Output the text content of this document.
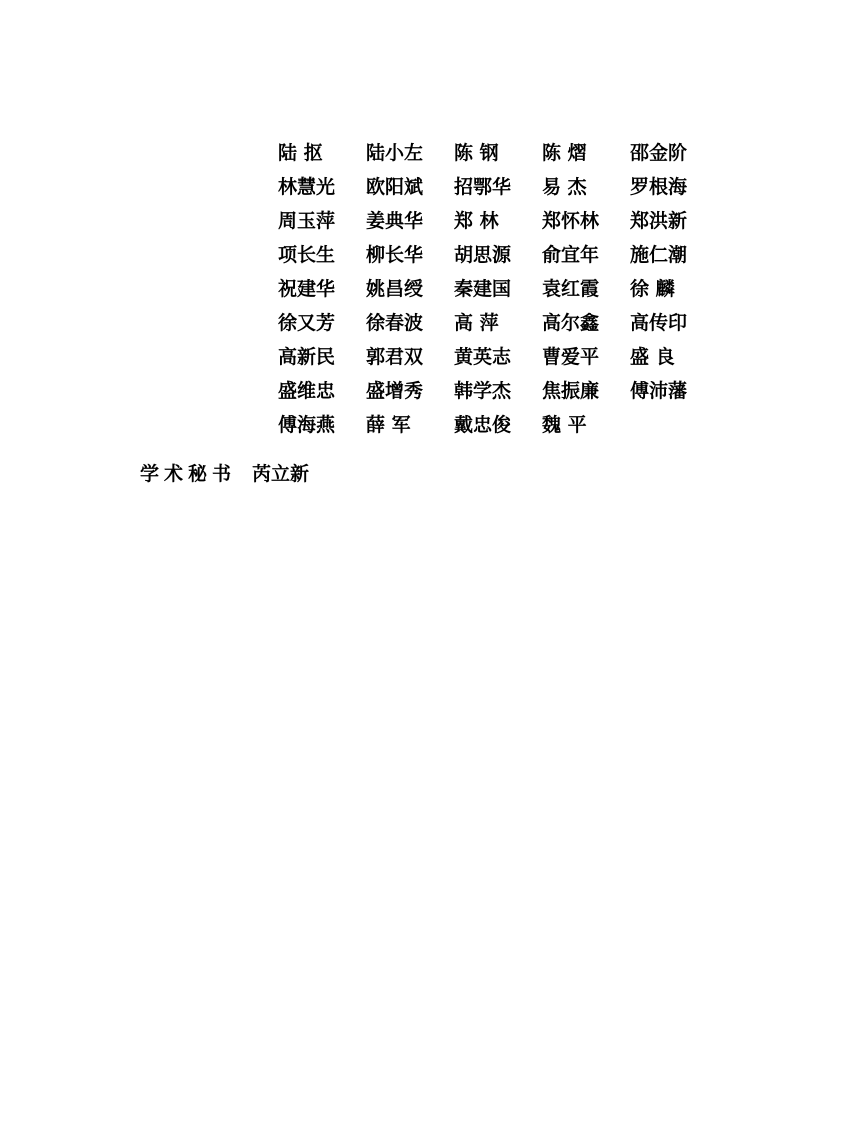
陆 抠	陆小左	陈 钢	陈 熠	邵金阶
林慧光	欧阳斌	招鄂华	易 杰	罗根海
周玉萍	姜典华	郑 林	郑怀林	郑洪新
项长生	柳长华	胡思源	俞宜年	施仁潮
祝建华	姚昌绶	秦建国	袁红霞	徐 麟
徐又芳	徐春波	高 萍	高尔鑫	高传印
高新民	郭君双	黄英志	曹爱平	盛 良
盛维忠	盛增秀	韩学杰	焦振廉	傅沛藩
傅海燕	薛 军	戴忠俊	魏 平
学术秘书 芮立新
